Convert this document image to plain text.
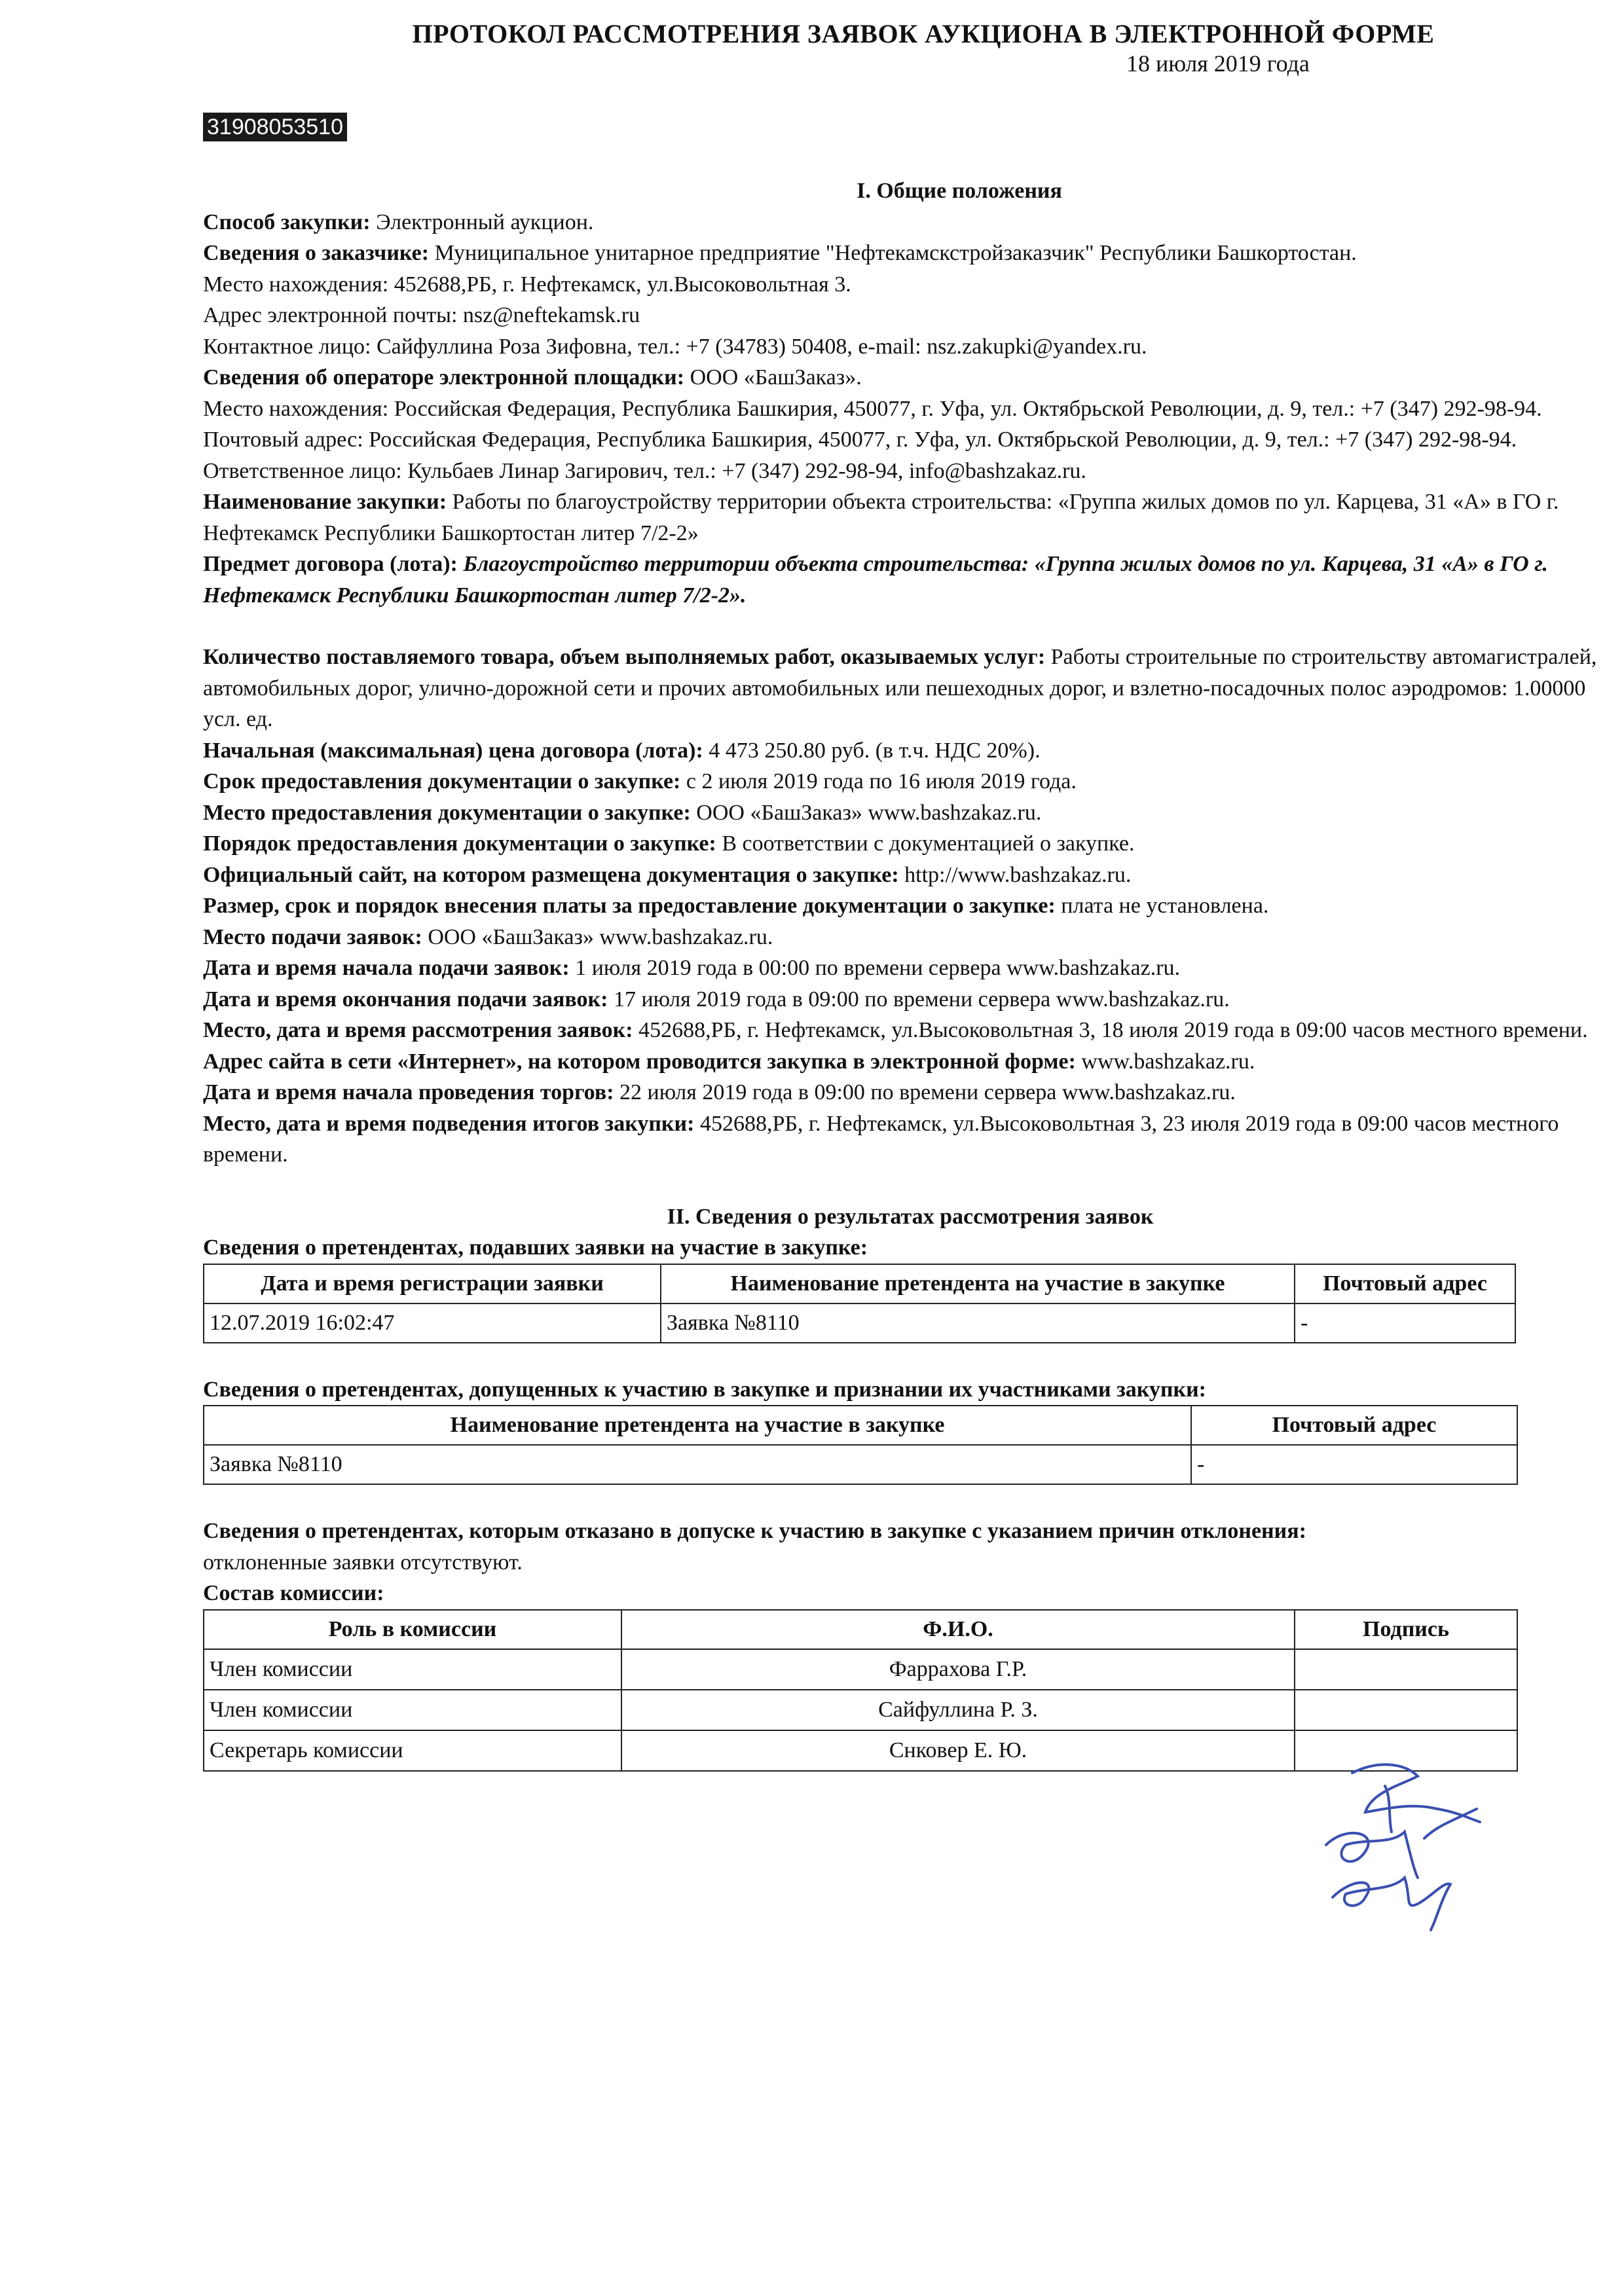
ПРОТОКОЛ РАССМОТРЕНИЯ ЗАЯВОК АУКЦИОНА В ЭЛЕКТРОННОЙ ФОРМЕ
18 июля 2019 года
31908053510

I. Общие положения

Способ закупки: Электронный аукцион.

Сведения о заказчике: Муниципальное унитарное предприятие "Нефтекамскстройзаказчик" Республики Башкортостан.

Место нахождения: 452688,РБ, г. Нефтекамск, ул.Высоковольтная 3.

Адрес электронной почты: nsz@neftekamsk.ru

Контактное лицо: Сайфуллина Роза Зифовна, тел.: +7 (34783) 50408, e-mail: nsz.zakupki@yandex.ru.

Сведения об операторе электронной площадки: ООО «БашЗаказ».

Место нахождения: Российская Федерация, Республика Башкирия, 450077, г. Уфа, ул. Октябрьской Революции, д. 9, тел.: +7 (347) 292-98-94.

Почтовый адрес: Российская Федерация, Республика Башкирия, 450077, г. Уфа, ул. Октябрьской Революции, д. 9, тел.: +7 (347) 292-98-94.

Ответственное лицо: Кульбаев Линар Загирович, тел.: +7 (347) 292-98-94, info@bashzakaz.ru.

Наименование закупки: Работы по благоустройству территории объекта строительства: «Группа жилых домов по ул. Карцева, 31 «А» в ГО г. Нефтекамск Республики Башкортостан литер 7/2-2»

Предмет договора (лота): Благоустройство территории объекта строительства: «Группа жилых домов по ул. Карцева, 31 «А» в ГО г. Нефтекамск Республики Башкортостан литер 7/2-2».

Количество поставляемого товара, объем выполняемых работ, оказываемых услуг: Работы строительные по строительству автомагистралей, автомобильных дорог, улично-дорожной сети и прочих автомобильных или пешеходных дорог, и взлетно-посадочных полос аэродромов: 1.00000 усл. ед.

Начальная (максимальная) цена договора (лота): 4 473 250.80 руб. (в т.ч. НДС 20%).

Срок предоставления документации о закупке: с 2 июля 2019 года по 16 июля 2019 года.

Место предоставления документации о закупке: ООО «БашЗаказ» www.bashzakaz.ru.

Порядок предоставления документации о закупке: В соответствии с документацией о закупке.

Официальный сайт, на котором размещена документация о закупке: http://www.bashzakaz.ru.

Размер, срок и порядок внесения платы за предоставление документации о закупке: плата не установлена.

Место подачи заявок: ООО «БашЗаказ» www.bashzakaz.ru.

Дата и время начала подачи заявок: 1 июля 2019 года в 00:00 по времени сервера www.bashzakaz.ru.

Дата и время окончания подачи заявок: 17 июля 2019 года в 09:00 по времени сервера www.bashzakaz.ru.

Место, дата и время рассмотрения заявок: 452688,РБ, г. Нефтекамск, ул.Высоковольтная 3, 18 июля 2019 года в 09:00 часов местного времени.

Адрес сайта в сети «Интернет», на котором проводится закупка в электронной форме: www.bashzakaz.ru.

Дата и время начала проведения торгов: 22 июля 2019 года в 09:00 по времени сервера www.bashzakaz.ru.

Место, дата и время подведения итогов закупки: 452688,РБ, г. Нефтекамск, ул.Высоковольтная 3, 23 июля 2019 года в 09:00 часов местного времени.

II. Сведения о результатах рассмотрения заявок

Сведения о претендентах, подавших заявки на участие в закупке:

Дата и время регистрации заявки	Наименование претендента на участие в закупке	Почтовый адрес
12.07.2019 16:02:47	Заявка №8110	-

Сведения о претендентах, допущенных к участию в закупке и признании их участниками закупки:

Наименование претендента на участие в закупке	Почтовый адрес
Заявка №8110	-

Сведения о претендентах, которым отказано в допуске к участию в закупке с указанием причин отклонения:

отклоненные заявки отсутствуют.

Состав комиссии:

Роль в комиссии	Ф.И.О.	Подпись
Член комиссии	Фаррахова Г.Р.	
Член комиссии	Сайфуллина Р. З.	
Секретарь комиссии	Снковер Е. Ю.	
